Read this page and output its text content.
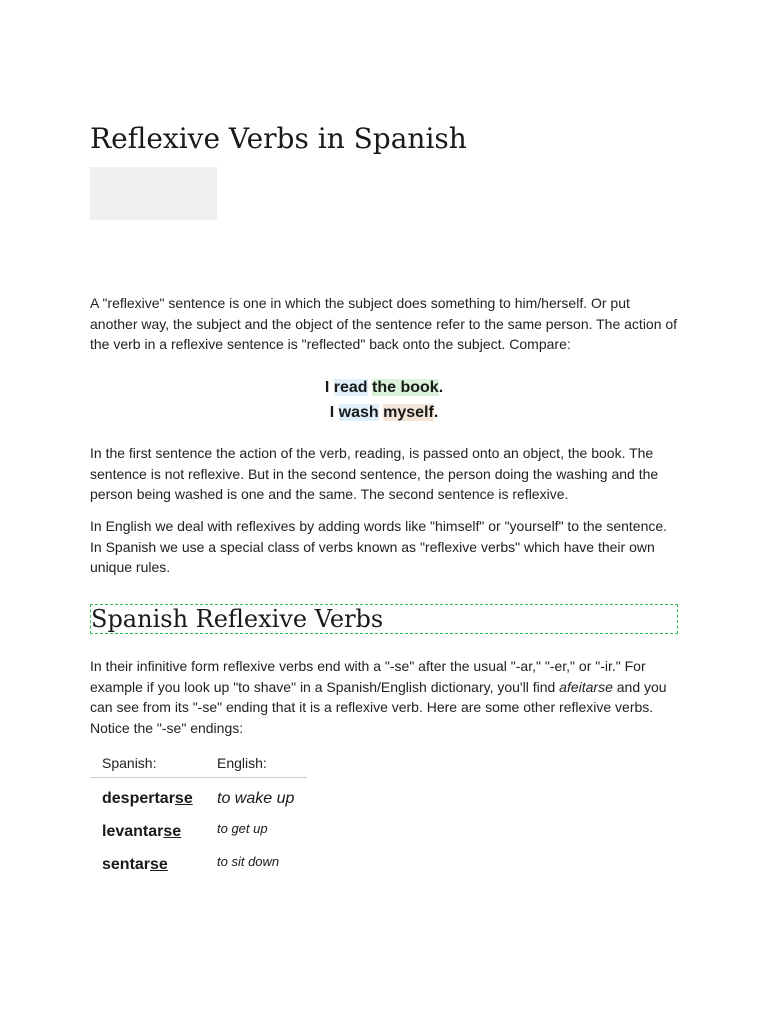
Reflexive Verbs in Spanish

A "reflexive" sentence is one in which the subject does something to him/herself. Or put another way, the subject and the object of the sentence refer to the same person. The action of the verb in a reflexive sentence is "reflected" back onto the subject. Compare:

I read the book.
I wash myself.

In the first sentence the action of the verb, reading, is passed onto an object, the book. The sentence is not reflexive. But in the second sentence, the person doing the washing and the person being washed is one and the same. The second sentence is reflexive.

In English we deal with reflexives by adding words like "himself" or "yourself" to the sentence. In Spanish we use a special class of verbs known as "reflexive verbs" which have their own unique rules.

Spanish Reflexive Verbs

In their infinitive form reflexive verbs end with a "-se" after the usual "-ar," "-er," or "-ir." For example if you look up "to shave" in a Spanish/English dictionary, you'll find afeitarse and you can see from its "-se" ending that it is a reflexive verb. Here are some other reflexive verbs. Notice the "-se" endings:

Spanish:	English:
despertarse	to wake up
levantarse	to get up
sentarse	to sit down
